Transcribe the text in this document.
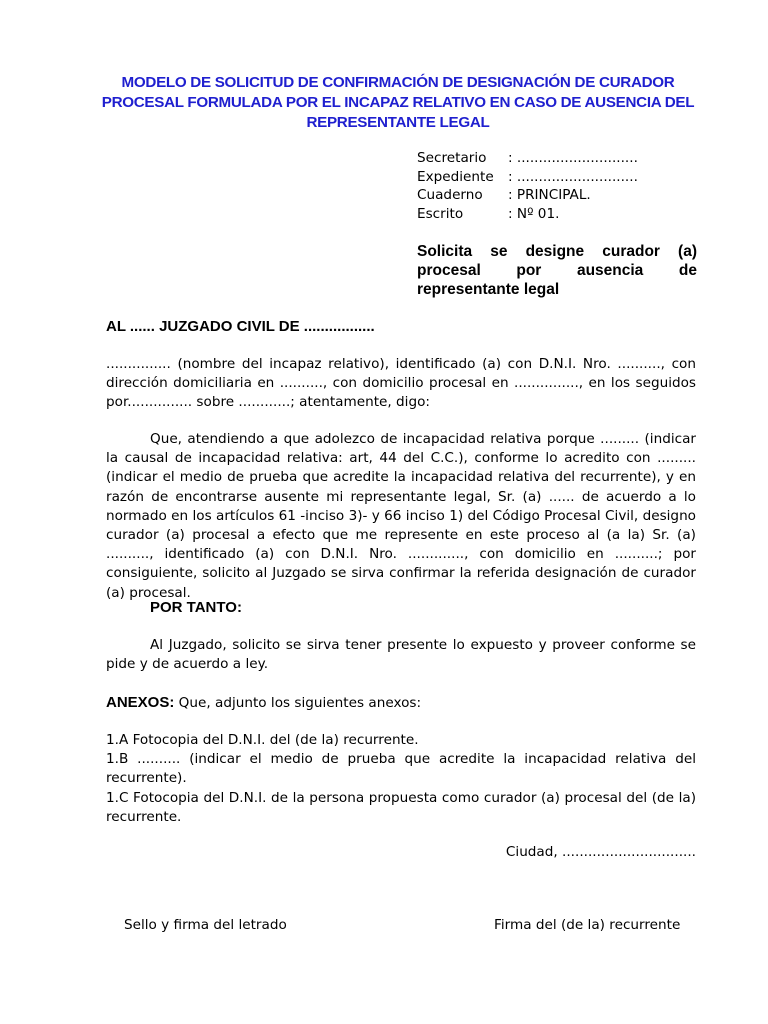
MODELO DE SOLICITUD DE CONFIRMACIÓN DE DESIGNACIÓN DE CURADOR PROCESAL FORMULADA POR EL INCAPAZ RELATIVO EN CASO DE AUSENCIA DEL REPRESENTANTE LEGAL
Secretario	: ............................
Expediente	: ............................
Cuaderno	: PRINCIPAL.
Escrito	: Nº 01.
Solicita se designe curador (a) procesal por ausencia de representante legal
AL ...... JUZGADO CIVIL DE .................
............... (nombre del incapaz relativo), identificado (a) con D.N.I. Nro. .........., con dirección domiciliaria en .........., con domicilio procesal en ..............., en los seguidos por............... sobre ............; atentamente, digo:
Que, atendiendo a que adolezco de incapacidad relativa porque ......... (indicar la causal de incapacidad relativa: art, 44 del C.C.), conforme lo acredito con ......... (indicar el medio de prueba que acredite la incapacidad relativa del recurrente), y en razón de encontrarse ausente mi representante legal, Sr. (a) ...... de acuerdo a lo normado en los artículos 61 -inciso 3)- y 66 inciso 1) del Código Procesal Civil, designo curador (a) procesal a efecto que me represente en este proceso al (a la) Sr. (a) .........., identificado (a) con D.N.I. Nro. ............., con domicilio en ..........; por consiguiente, solicito al Juzgado se sirva confirmar la referida designación de curador (a) procesal.
POR TANTO:
Al Juzgado, solicito se sirva tener presente lo expuesto y proveer conforme se pide y de acuerdo a ley.
ANEXOS: Que, adjunto los siguientes anexos:
1.A Fotocopia del D.N.I. del (de la) recurrente.
1.B .......... (indicar el medio de prueba que acredite la incapacidad relativa del recurrente).
1.C Fotocopia del D.N.I. de la persona propuesta como curador (a) procesal del (de la) recurrente.
Ciudad, ...............................
Sello y firma del letrado	Firma del (de la) recurrente
